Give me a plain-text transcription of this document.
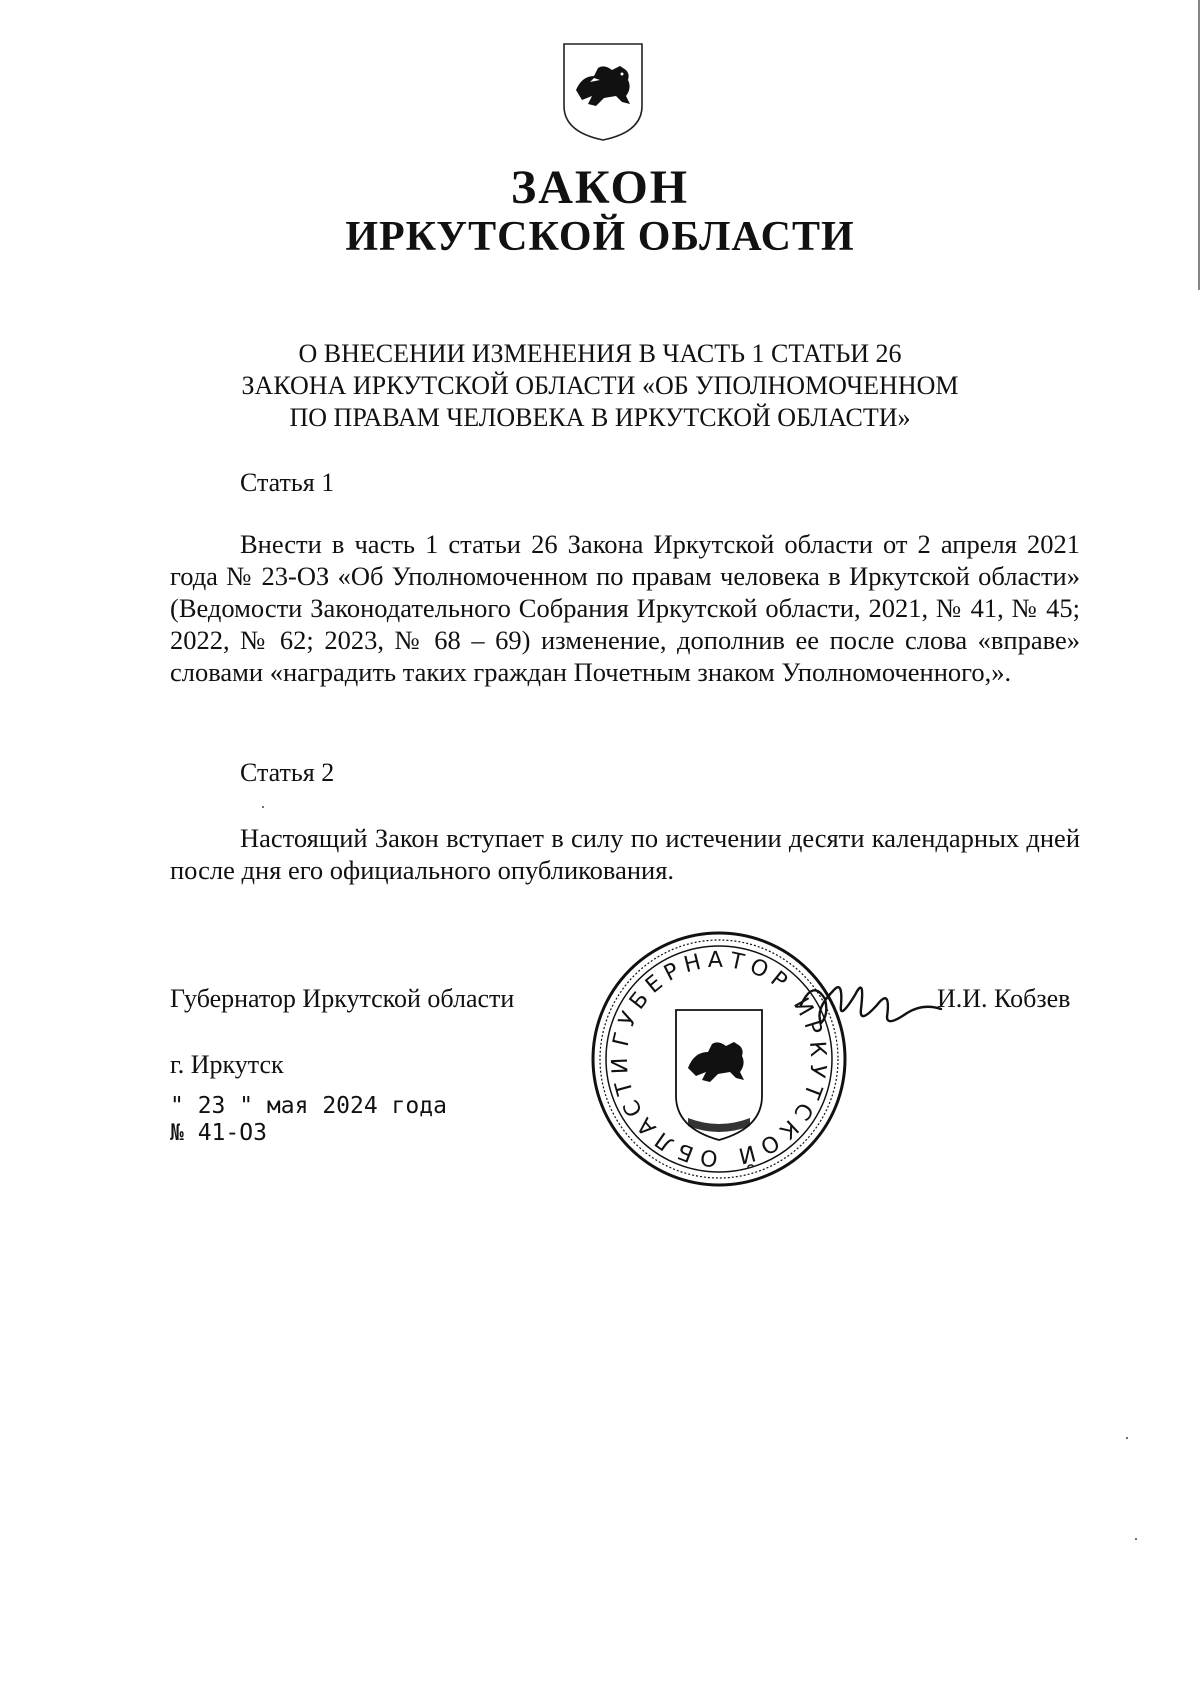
ЗАКОН
ИРКУТСКОЙ ОБЛАСТИ
О ВНЕСЕНИИ ИЗМЕНЕНИЯ В ЧАСТЬ 1 СТАТЬИ 26
ЗАКОНА ИРКУТСКОЙ ОБЛАСТИ «ОБ УПОЛНОМОЧЕННОМ
ПО ПРАВАМ ЧЕЛОВЕКА В ИРКУТСКОЙ ОБЛАСТИ»
Статья 1

Внести в часть 1 статьи 26 Закона Иркутской области от 2 апреля 2021 года № 23-ОЗ «Об Уполномоченном по правам человека в Иркутской области» (Ведомости Законодательного Собрания Иркутской области, 2021, № 41, № 45; 2022, № 62; 2023, № 68 – 69) изменение, дополнив ее после слова «вправе» словами «наградить таких граждан Почетным знаком Уполномоченного,».

Статья 2

Настоящий Закон вступает в силу по истечении десяти календарных дней после дня его официального опубликования.

Губернатор Иркутской области
ГУБЕРНАТОР ИРКУТСКОЙ ОБЛАСТИ
И.И. Кобзев
г. Иркутск
" 23 " мая 2024 года
№ 41-ОЗ
